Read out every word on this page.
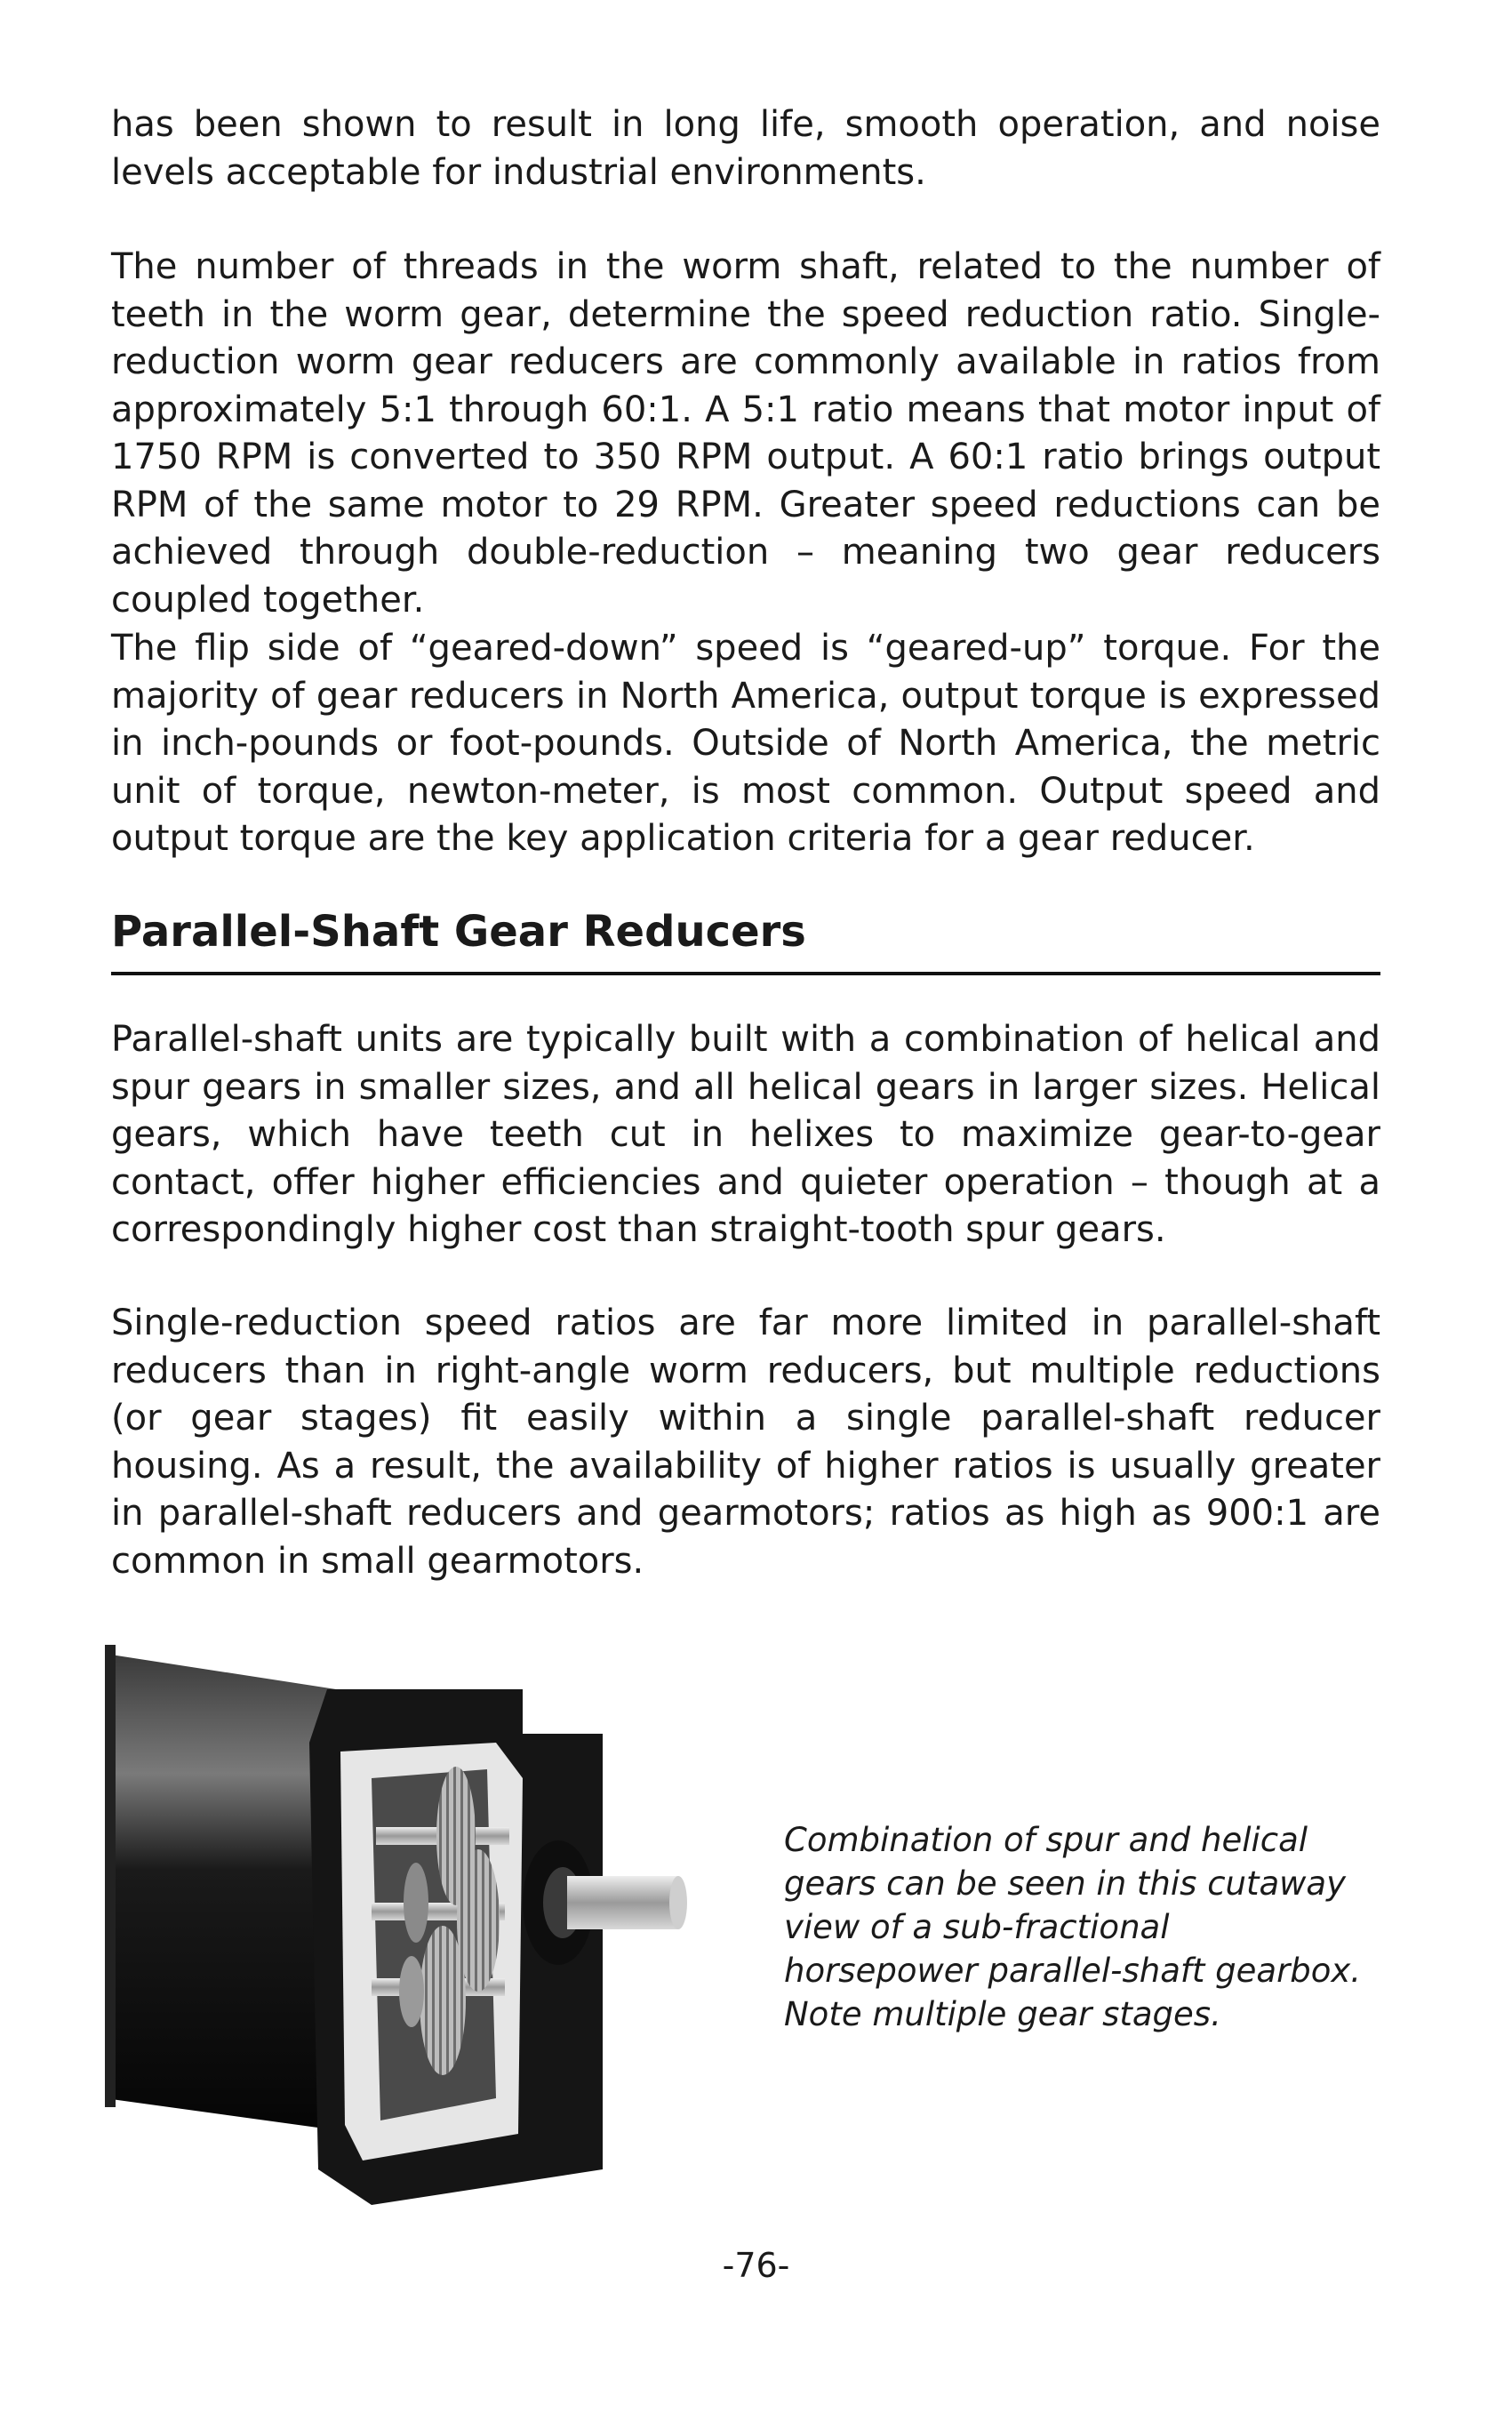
has been shown to result in long life, smooth operation, and noise levels acceptable for industrial environments.

The number of threads in the worm shaft, related to the number of teeth in the worm gear, determine the speed reduction ratio. Single-reduction worm gear reducers are commonly available in ratios from approximately 5:1 through 60:1. A 5:1 ratio means that motor input of 1750 RPM is converted to 350 RPM output. A 60:1 ratio brings output RPM of the same motor to 29 RPM. Greater speed reductions can be achieved through double-reduction – meaning two gear reducers coupled together.

The flip side of “geared-down” speed is “geared-up” torque. For the majority of gear reducers in North America, output torque is expressed in inch-pounds or foot-pounds. Outside of North America, the metric unit of torque, newton-meter, is most common. Output speed and output torque are the key application criteria for a gear reducer.

Parallel-Shaft Gear Reducers

Parallel-shaft units are typically built with a combination of helical and spur gears in smaller sizes, and all helical gears in larger sizes. Helical gears, which have teeth cut in helixes to maximize gear-to-gear contact, offer higher efficiencies and quieter operation – though at a correspondingly higher cost than straight-tooth spur gears.

Single-reduction speed ratios are far more limited in parallel-shaft reducers than in right-angle worm reducers, but multiple reductions (or gear stages) fit easily within a single parallel-shaft reducer housing. As a result, the availability of higher ratios is usually greater in parallel-shaft reducers and gearmotors; ratios as high as 900:1 are common in small gearmotors.

Combination of spur and helical gears can be seen in this cutaway view of a sub-fractional horsepower parallel-shaft gearbox. Note multiple gear stages.

-76-
